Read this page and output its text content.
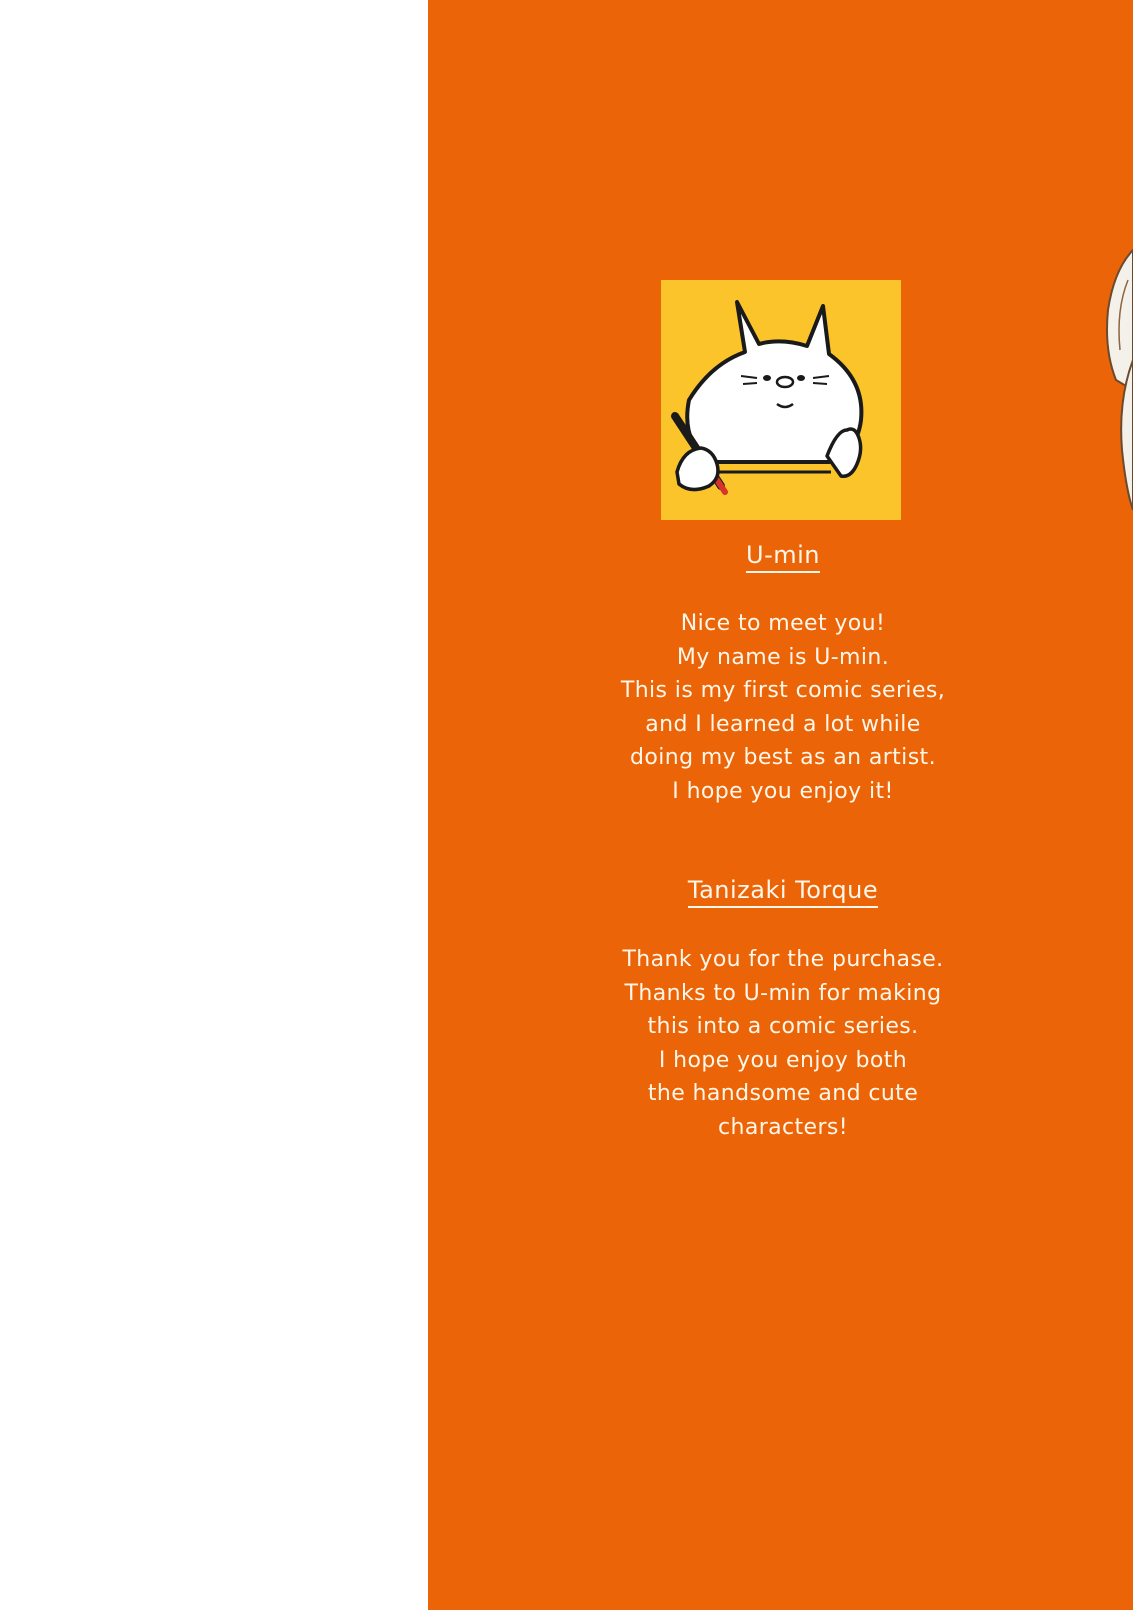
U-min
Nice to meet you!
My name is U-min.
This is my first comic series,
and I learned a lot while
doing my best as an artist.
I hope you enjoy it!
Tanizaki Torque
Thank you for the purchase.
Thanks to U-min for making
this into a comic series.
I hope you enjoy both
the handsome and cute
characters!
